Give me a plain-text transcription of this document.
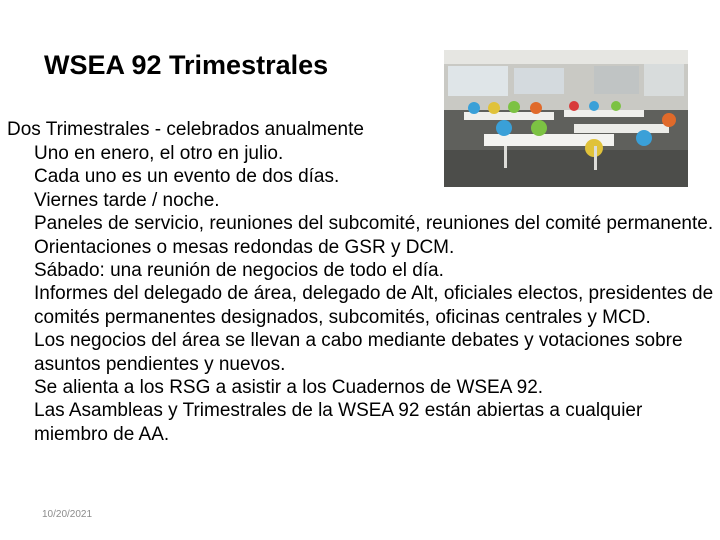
WSEA 92 Trimestrales
Dos Trimestrales - celebrados anualmente
Uno en enero, el otro en julio.
Cada uno es un evento de dos días.
Viernes tarde / noche.
Paneles de servicio, reuniones del subcomité, reuniones del comité permanente.
Orientaciones o mesas redondas de GSR y DCM.
Sábado: una reunión de negocios de todo el día.
Informes del delegado de área, delegado de Alt, oficiales electos, presidentes de comités permanentes designados, subcomités, oficinas centrales y MCD.
Los negocios del área se llevan a cabo mediante debates y votaciones sobre asuntos pendientes y nuevos.
Se alienta a los RSG a asistir a los Cuadernos de WSEA 92.
Las Asambleas y Trimestrales de la WSEA 92 están abiertas a cualquier miembro de AA.
10/20/2021
